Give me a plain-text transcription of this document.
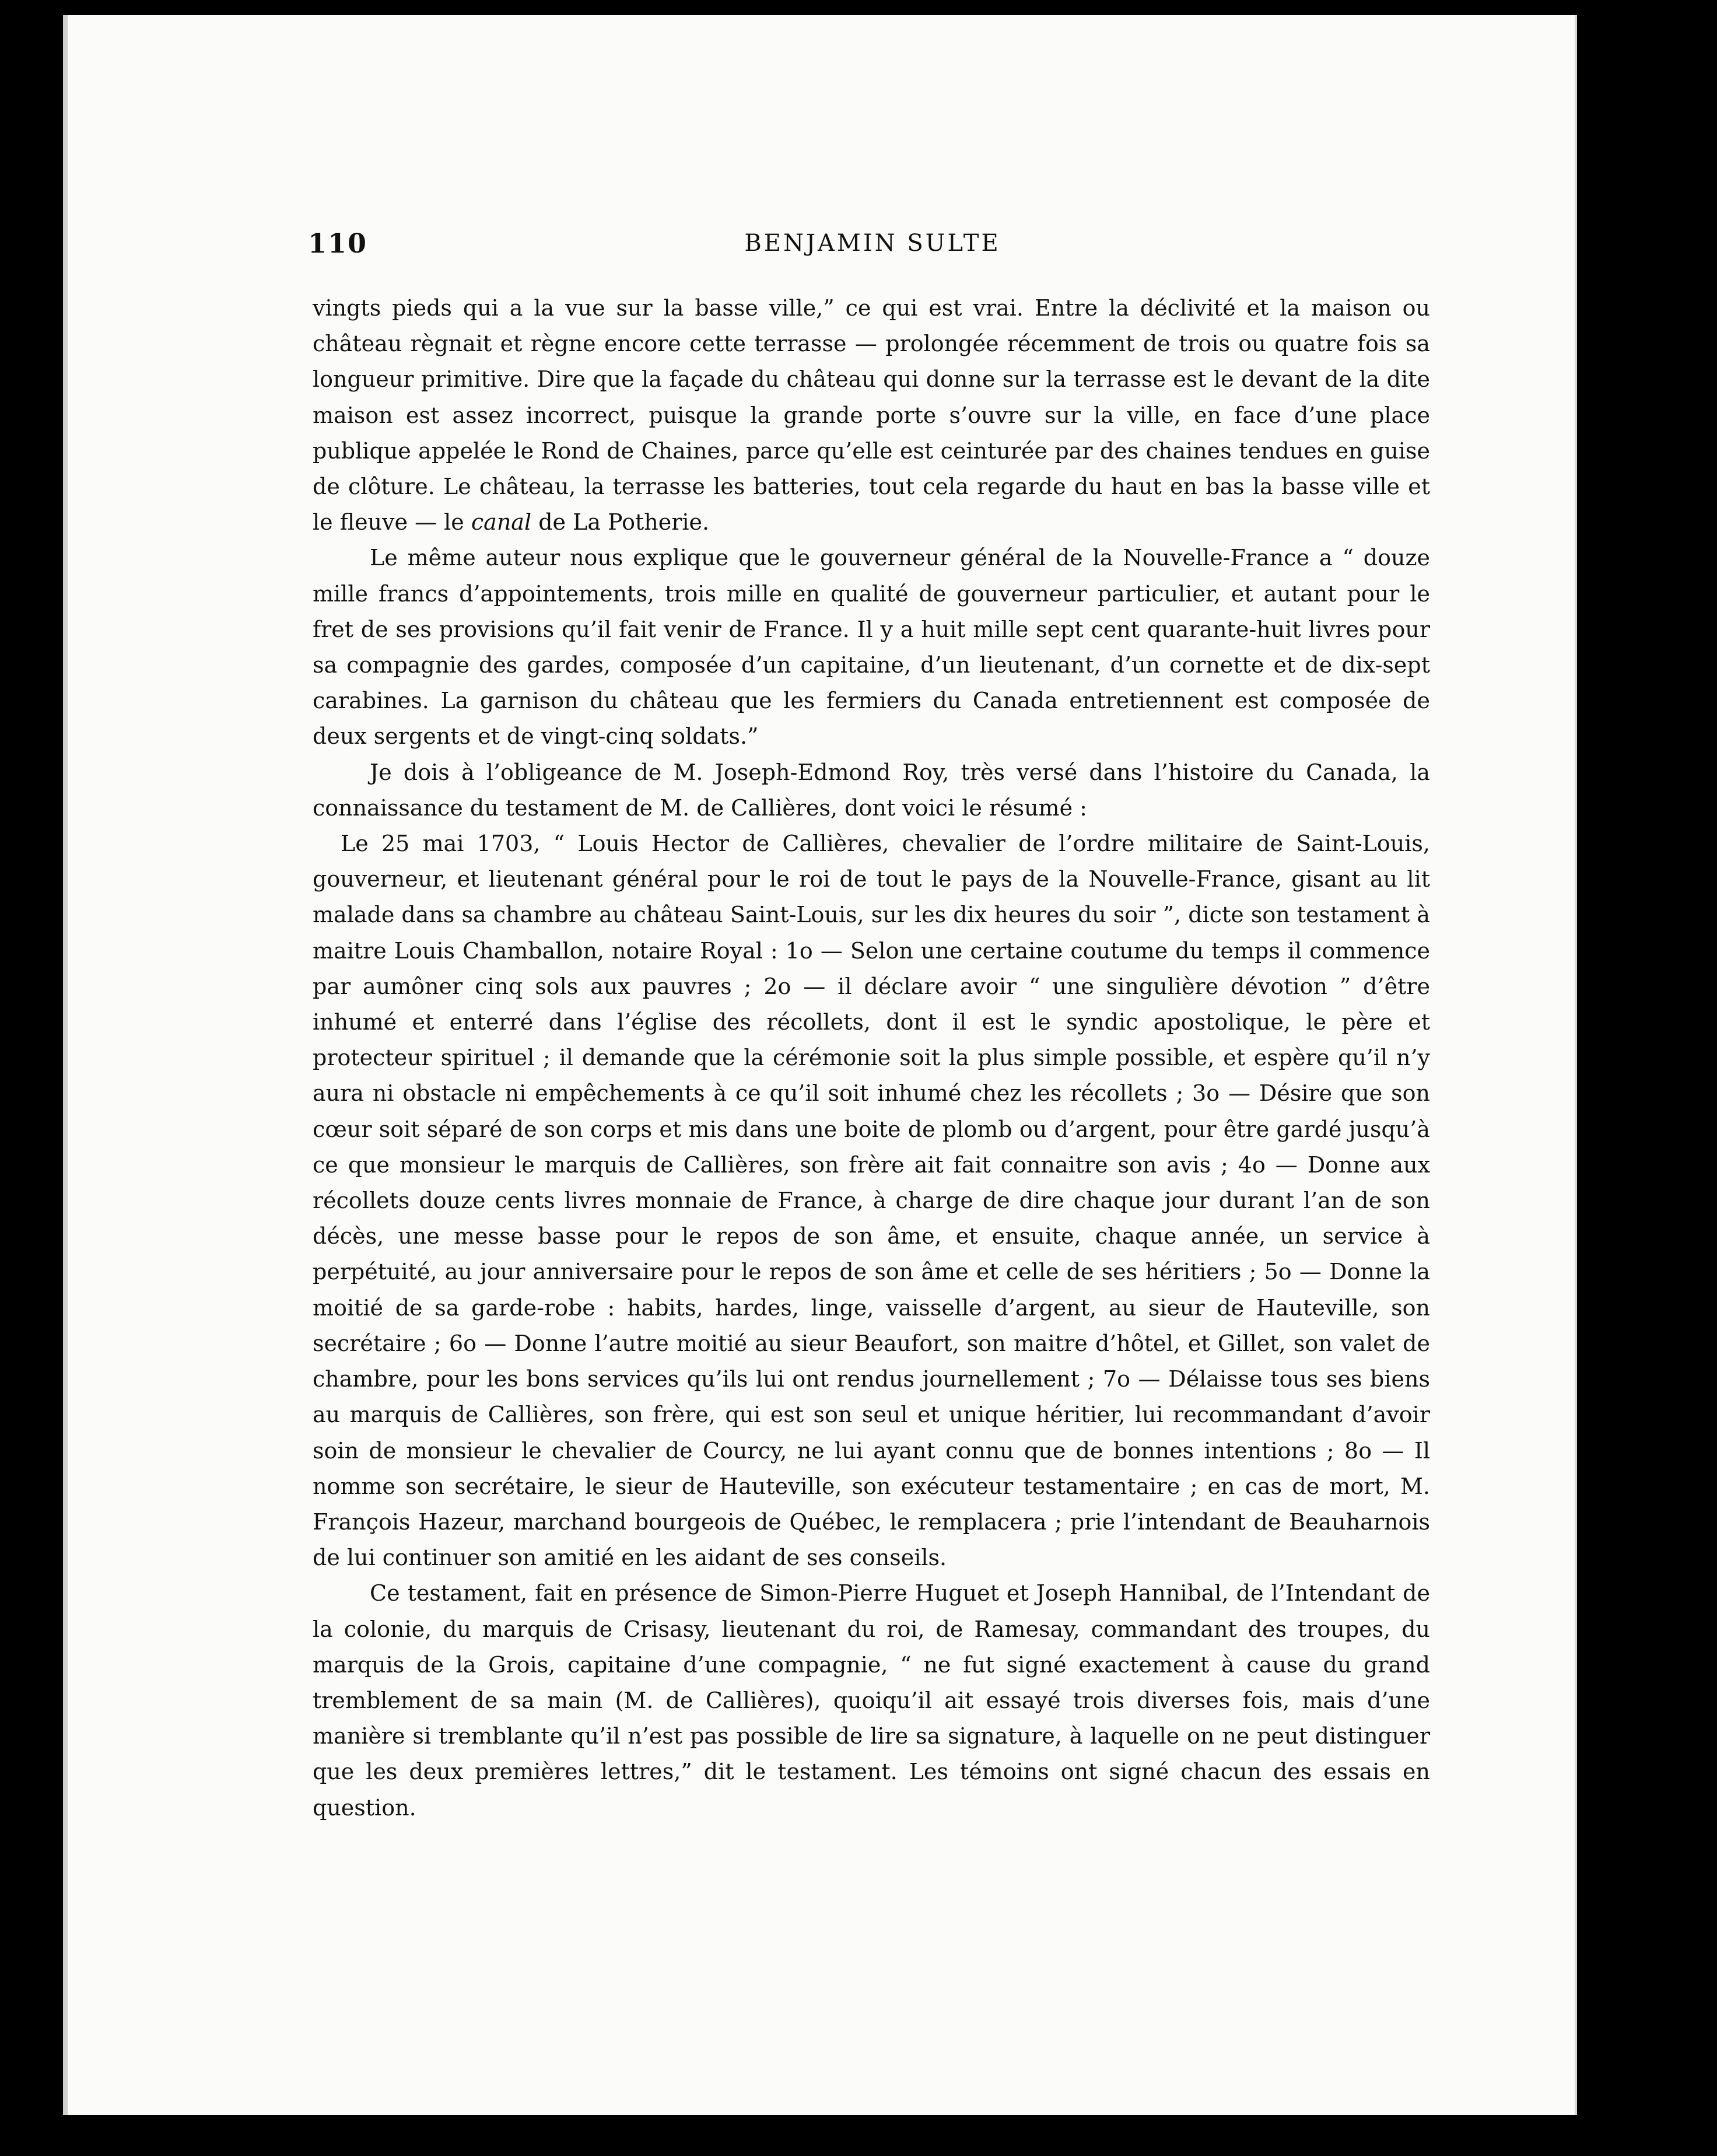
110	BENJAMIN SULTE

vingts pieds qui a la vue sur la basse ville,” ce qui est vrai. Entre la déclivité et la maison ou château règnait et règne encore cette terrasse — prolongée récemment de trois ou quatre fois sa longueur primitive. Dire que la façade du château qui donne sur la terrasse est le devant de la dite maison est assez incorrect, puisque la grande porte s’ouvre sur la ville, en face d’une place publique appelée le Rond de Chaines, parce qu’elle est ceinturée par des chaines tendues en guise de clôture. Le château, la terrasse les batteries, tout cela regarde du haut en bas la basse ville et le fleuve — le canal de La Potherie.

Le même auteur nous explique que le gouverneur général de la Nouvelle-France a “ douze mille francs d’appointements, trois mille en qualité de gouverneur particulier, et autant pour le fret de ses provisions qu’il fait venir de France. Il y a huit mille sept cent quarante-huit livres pour sa compagnie des gardes, composée d’un capitaine, d’un lieutenant, d’un cornette et de dix-sept carabines. La garnison du château que les fermiers du Canada entretiennent est composée de deux sergents et de vingt-cinq soldats.”

Je dois à l’obligeance de M. Joseph-Edmond Roy, très versé dans l’histoire du Canada, la connaissance du testament de M. de Callières, dont voici le résumé :

Le 25 mai 1703, “ Louis Hector de Callières, chevalier de l’ordre militaire de Saint-Louis, gouverneur, et lieutenant général pour le roi de tout le pays de la Nouvelle-France, gisant au lit malade dans sa chambre au château Saint-Louis, sur les dix heures du soir ”, dicte son testament à maitre Louis Chamballon, notaire Royal : 1o — Selon une certaine coutume du temps il commence par aumôner cinq sols aux pauvres ; 2o — il déclare avoir “ une singulière dévotion ” d’être inhumé et enterré dans l’église des récollets, dont il est le syndic apostolique, le père et protecteur spirituel ; il demande que la cérémonie soit la plus simple possible, et espère qu’il n’y aura ni obstacle ni empêchements à ce qu’il soit inhumé chez les récollets ; 3o — Désire que son cœur soit séparé de son corps et mis dans une boite de plomb ou d’argent, pour être gardé jusqu’à ce que monsieur le marquis de Callières, son frère ait fait connaitre son avis ; 4o — Donne aux récollets douze cents livres monnaie de France, à charge de dire chaque jour durant l’an de son décès, une messe basse pour le repos de son âme, et ensuite, chaque année, un service à perpétuité, au jour anniversaire pour le repos de son âme et celle de ses héritiers ; 5o — Donne la moitié de sa garde-robe : habits, hardes, linge, vaisselle d’argent, au sieur de Hauteville, son secrétaire ; 6o — Donne l’autre moitié au sieur Beaufort, son maitre d’hôtel, et Gillet, son valet de chambre, pour les bons services qu’ils lui ont rendus journellement ; 7o — Délaisse tous ses biens au marquis de Callières, son frère, qui est son seul et unique héritier, lui recommandant d’avoir soin de monsieur le chevalier de Courcy, ne lui ayant connu que de bonnes intentions ; 8o — Il nomme son secrétaire, le sieur de Hauteville, son exécuteur testamentaire ; en cas de mort, M. François Hazeur, marchand bourgeois de Québec, le remplacera ; prie l’intendant de Beauharnois de lui continuer son amitié en les aidant de ses conseils.

Ce testament, fait en présence de Simon-Pierre Huguet et Joseph Hannibal, de l’Intendant de la colonie, du marquis de Crisasy, lieutenant du roi, de Ramesay, commandant des troupes, du marquis de la Grois, capitaine d’une compagnie, “ ne fut signé exactement à cause du grand tremblement de sa main (M. de Callières), quoiqu’il ait essayé trois diverses fois, mais d’une manière si tremblante qu’il n’est pas possible de lire sa signature, à laquelle on ne peut distinguer que les deux premières lettres,” dit le testament. Les témoins ont signé chacun des essais en question.
